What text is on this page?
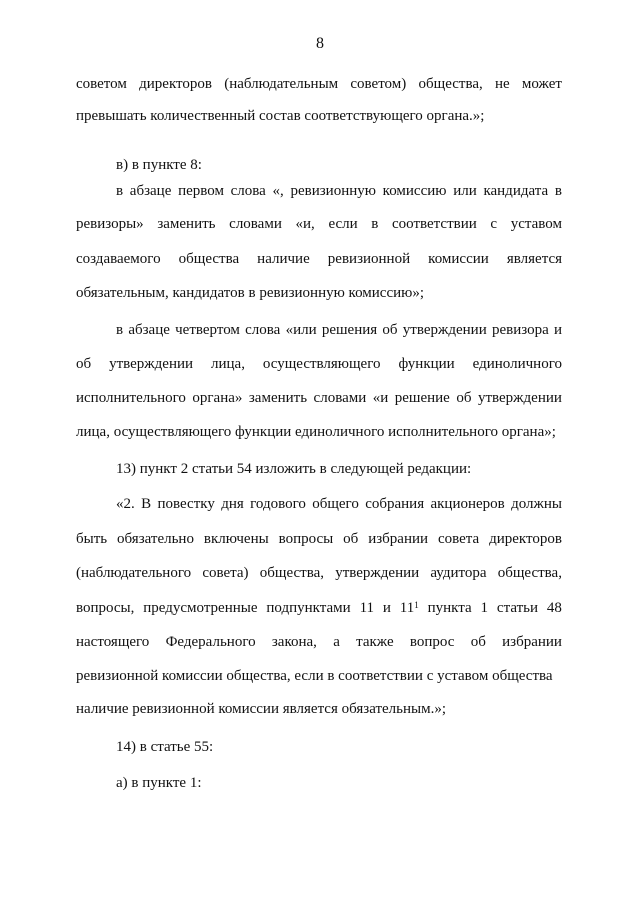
8
советом директоров (наблюдательным советом) общества, не может
превышать количественный состав соответствующего органа.»;
в) в пункте 8:
в абзаце первом слова «, ревизионную комиссию или кандидата в
ревизоры» заменить словами «и, если в соответствии с уставом
создаваемого общества наличие ревизионной комиссии является
обязательным, кандидатов в ревизионную комиссию»;
в абзаце четвертом слова «или решения об утверждении ревизора и
об утверждении лица, осуществляющего функции единоличного
исполнительного органа» заменить словами «и решение об утверждении
лица, осуществляющего функции единоличного исполнительного органа»;
13) пункт 2 статьи 54 изложить в следующей редакции:
«2. В повестку дня годового общего собрания акционеров должны
быть обязательно включены вопросы об избрании совета директоров
(наблюдательного совета) общества, утверждении аудитора общества,
вопросы, предусмотренные подпунктами 11 и $11^1$ пункта 1 статьи 48
настоящего Федерального закона, а также вопрос об избрании
ревизионной комиссии общества, если в соответствии с уставом общества
наличие ревизионной комиссии является обязательным.»;
14) в статье 55:
а) в пункте 1:
